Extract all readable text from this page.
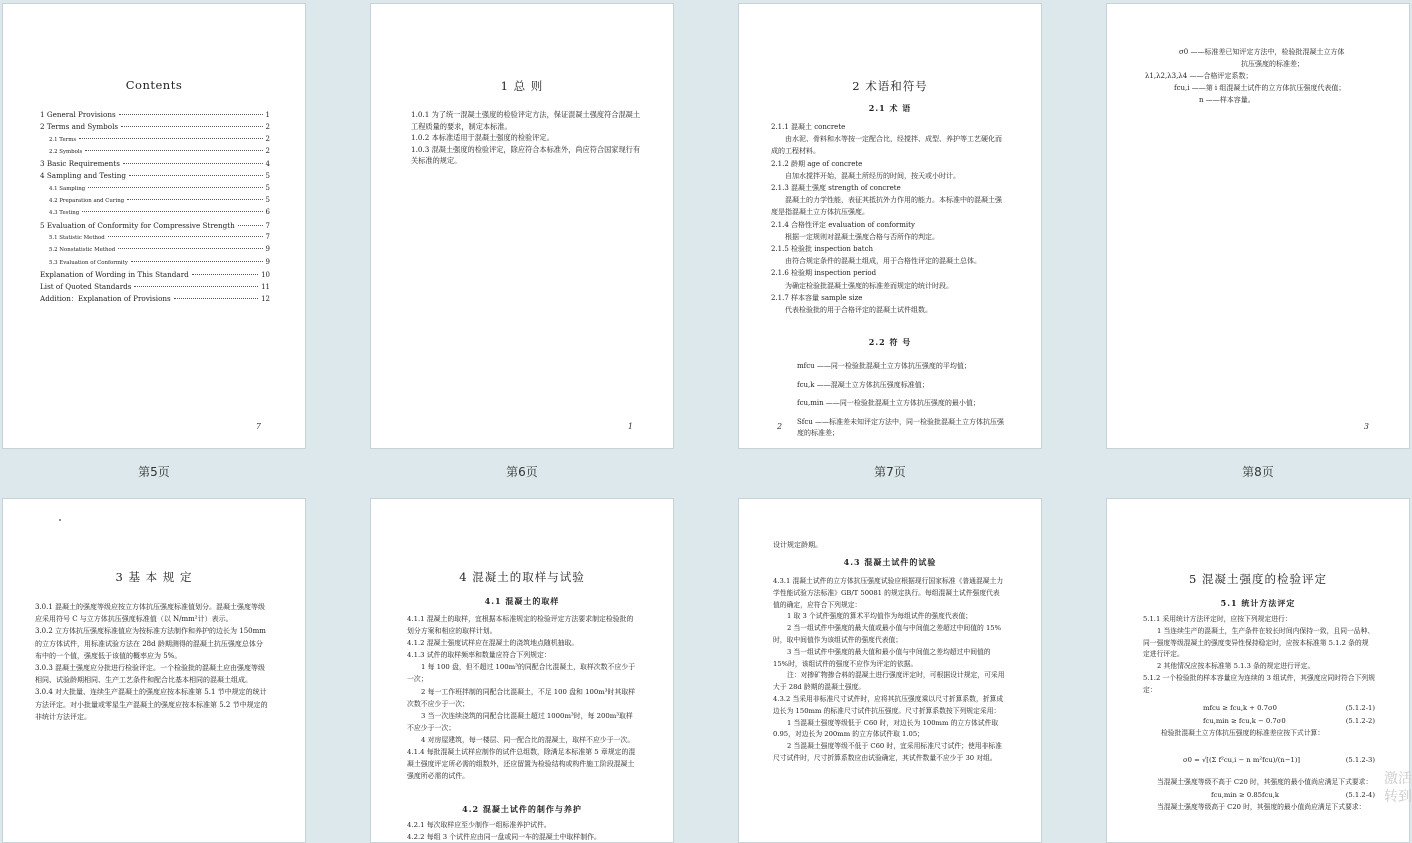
Contents
1 General Provisions	1
2 Terms and Symbols	2
2.1 Terms	2
2.2 Symbols	2
3 Basic Requirements	4
4 Sampling and Testing	5
4.1 Sampling	5
4.2 Preparation and Curing	5
4.3 Testing	6
5 Evaluation of Conformity for Compressive Strength	7
5.1 Statistic Method	7
5.2 Nonstatistic Method	9
5.3 Evaluation of Conformity	9
Explanation of Wording in This Standard	10
List of Quoted Standards	11
Addition：Explanation of Provisions	12
7
第5页
1 总 则

1.0.1 为了统一混凝土强度的检验评定方法，保证混凝土强度符合混凝土工程质量的要求，制定本标准。

1.0.2 本标准适用于混凝土强度的检验评定。

1.0.3 混凝土强度的检验评定，除应符合本标准外，尚应符合国家现行有关标准的规定。

1
第6页
2 术语和符号
2.1 术 语

2.1.1 混凝土 concrete

由水泥、骨料和水等按一定配合比，经搅拌、成型、养护等工艺硬化而成的工程材料。

2.1.2 龄期 age of concrete

自加水搅拌开始，混凝土所经历的时间，按天或小时计。

2.1.3 混凝土强度 strength of concrete

混凝土的力学性能，表征其抵抗外力作用的能力。本标准中的混凝土强度是指混凝土立方体抗压强度。

2.1.4 合格性评定 evaluation of conformity

根据一定规则对混凝土强度合格与否所作的判定。

2.1.5 检验批 inspection batch

由符合规定条件的混凝土组成，用于合格性评定的混凝土总体。

2.1.6 检验期 inspection period

为确定检验批混凝土强度的标准差而规定的统计时段。

2.1.7 样本容量 sample size

代表检验批的用于合格评定的混凝土试件组数。

2.2 符 号

mfcu ——同一检验批混凝土立方体抗压强度的平均值；

fcu,k ——混凝土立方体抗压强度标准值；

fcu,min ——同一检验批混凝土立方体抗压强度的最小值；

Sfcu ——标准差未知评定方法中，同一检验批混凝土立方体抗压强度的标准差；

2
第7页
σ0 ——标准差已知评定方法中，检验批混凝土立方体
抗压强度的标准差；
λ1,λ2,λ3,λ4 ——合格评定系数；
fcu,i ——第 i 组混凝土试件的立方体抗压强度代表值；
n ——样本容量。
3
第8页
3 基 本 规 定

3.0.1 混凝土的强度等级应按立方体抗压强度标准值划分。混凝土强度等级应采用符号 C 与立方体抗压强度标准值（以 N/mm²计）表示。

3.0.2 立方体抗压强度标准值应为按标准方法制作和养护的边长为 150mm 的立方体试件，用标准试验方法在 28d 龄期测得的混凝土抗压强度总体分布中的一个值，强度低于该值的概率应为 5%。

3.0.3 混凝土强度应分批进行检验评定。一个检验批的混凝土应由强度等级相同、试验龄期相同、生产工艺条件和配合比基本相同的混凝土组成。

3.0.4 对大批量、连续生产混凝土的强度应按本标准第 5.1 节中规定的统计方法评定。对小批量或零星生产混凝土的强度应按本标准第 5.2 节中规定的非统计方法评定。

4 混凝土的取样与试验
4.1 混凝土的取样

4.1.1 混凝土的取样，宜根据本标准规定的检验评定方法要求制定检验批的划分方案和相应的取样计划。

4.1.2 混凝土强度试样应在混凝土的浇筑地点随机抽取。

4.1.3 试件的取样频率和数量应符合下列规定：

1 每 100 盘，但不超过 100m³的同配合比混凝土，取样次数不应少于一次；

2 每一工作班拌制的同配合比混凝土，不足 100 盘和 100m³时其取样次数不应少于一次；

3 当一次连续浇筑的同配合比混凝土超过 1000m³时，每 200m³取样不应少于一次；

4 对房屋建筑，每一楼层、同一配合比的混凝土，取样不应少于一次。

4.1.4 每批混凝土试样应制作的试件总组数，除满足本标准第 5 章规定的混凝土强度评定所必需的组数外，还应留置为检验结构或构件施工阶段混凝土强度所必需的试件。

4.2 混凝土试件的制作与养护

4.2.1 每次取样应至少制作一组标准养护试件。

4.2.2 每组 3 个试件应由同一盘或同一车的混凝土中取样制作。

设计规定龄期。

4.3 混凝土试件的试验

4.3.1 混凝土试件的立方体抗压强度试验应根据现行国家标准《普通混凝土力学性能试验方法标准》GB/T 50081 的规定执行。每组混凝土试件强度代表值的确定，应符合下列规定：

1 取 3 个试件强度的算术平均值作为每组试件的强度代表值；

2 当一组试件中强度的最大值或最小值与中间值之差超过中间值的 15%时，取中间值作为该组试件的强度代表值；

3 当一组试件中强度的最大值和最小值与中间值之差均超过中间值的 15%时，该组试件的强度不应作为评定的依据。

注：对掺矿物掺合料的混凝土进行强度评定时，可根据设计规定，可采用大于 28d 龄期的混凝土强度。

4.3.2 当采用非标准尺寸试件时，应将其抗压强度乘以尺寸折算系数，折算成边长为 150mm 的标准尺寸试件抗压强度。尺寸折算系数按下列规定采用：

1 当混凝土强度等级低于 C60 时，对边长为 100mm 的立方体试件取 0.95，对边长为 200mm 的立方体试件取 1.05；

2 当混凝土强度等级不低于 C60 时，宜采用标准尺寸试件；使用非标准尺寸试件时，尺寸折算系数应由试验确定，其试件数量不应少于 30 对组。

5 混凝土强度的检验评定
5.1 统计方法评定

5.1.1 采用统计方法评定时，应按下列规定进行：

1 当连续生产的混凝土，生产条件在较长时间内保持一致，且同一品种、同一强度等级混凝土的强度变异性保持稳定时，应按本标准第 5.1.2 条的规定进行评定。

2 其他情况应按本标准第 5.1.3 条的规定进行评定。

5.1.2 一个检验批的样本容量应为连续的 3 组试件，其强度应同时符合下列规定：

mfcu ≥ fcu,k + 0.7σ0	(5.1.2-1)
fcu,min ≥ fcu,k − 0.7σ0	(5.1.2-2)

检验批混凝土立方体抗压强度的标准差应按下式计算：

σ0 = √[(Σ f²cu,i − n m²fcu)/(n−1)]	(5.1.2-3)

当混凝土强度等级不高于 C20 时，其强度的最小值尚应满足下式要求：

fcu,min ≥ 0.85fcu,k	(5.1.2-4)

当混凝土强度等级高于 C20 时，其强度的最小值尚应满足下式要求：

激活
转到
